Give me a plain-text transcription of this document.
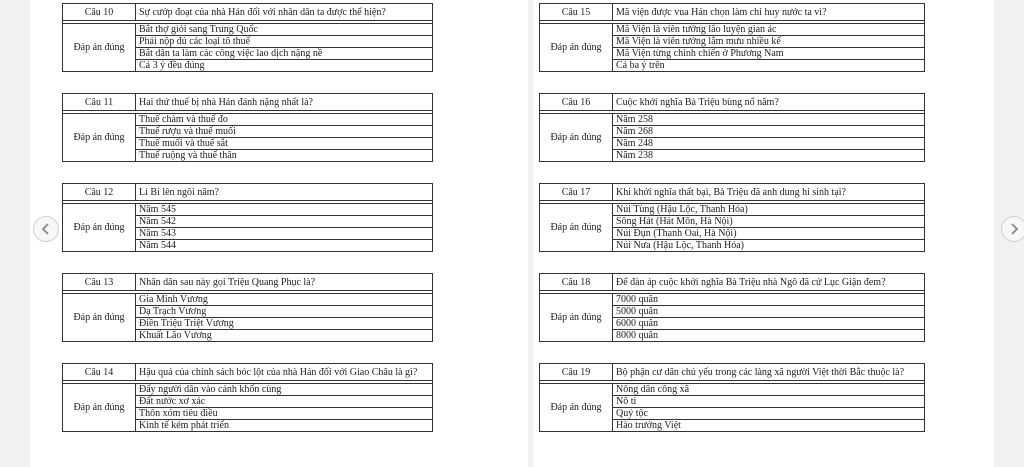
Câu 10	Sự cướp đoạt của nhà Hán đối với nhân dân ta được thể hiện?

Đáp án đúng	Bắt thợ giỏi sang Trung Quốc
	Phải nộp đủ các loại tô thuế
	Bắt dân ta làm các công việc lao dịch nặng nề
	Cả 3 ý đều đúng
Câu 11	Hai thứ thuế bị nhà Hán đánh nặng nhất là?

Đáp án đúng	Thuế chàm và thuế đo
	Thuế rượu và thuế muối
	Thuế muối và thuế sắt
	Thuế ruộng và thuế thân
Câu 12	Lí Bí lên ngôi năm?

Đáp án đúng	Năm 545
	Năm 542
	Năm 543
	Năm 544
Câu 13	Nhân dân sau này gọi Triệu Quang Phục là?

Đáp án đúng	Gia Minh Vương
	Dạ Trạch Vương
	Điền Triệu Triệt Vương
	Khuất Lão Vương
Câu 14	Hậu quả của chính sách bóc lột của nhà Hán đối với Giao Châu là gì?

Đáp án đúng	Đẩy người dân vào cảnh khốn cùng
	Đất nước xơ xác
	Thôn xóm tiêu điều
	Kinh tế kém phát triển
Câu 15	Mã viện được vua Hán chọn làm chỉ huy nước ta vì?

Đáp án đúng	Mã Viện là viên tướng lão luyện gian ác
	Mã Viện là viên tướng lắm mưu nhiều kế
	Mã Viện từng chinh chiến ở Phương Nam
	Cả ba ý trên
Câu 16	Cuộc khởi nghĩa Bà Triệu bùng nổ năm?

Đáp án đúng	Năm 258
	Năm 268
	Năm 248
	Năm 238
Câu 17	Khi khởi nghĩa thất bại, Bà Triệu đã anh dung hi sinh tại?

Đáp án đúng	Núi Tùng (Hậu Lộc, Thanh Hóa)
	Sông Hát (Hát Môn, Hà Nội)
	Núi Đụn (Thanh Oai, Hà Nội)
	Núi Nưa (Hậu Lộc, Thanh Hóa)
Câu 18	Để đàn áp cuộc khởi nghĩa Bà Triệu nhà Ngô đã cử Lục Giận đem?

Đáp án đúng	7000 quân
	5000 quân
	6000 quân
	8000 quân
Câu 19	Bộ phận cư dân chủ yếu trong các làng xã người Việt thời Bắc thuộc là?

Đáp án đúng	Nông dân công xã
	Nô tì
	Quý tộc
	Hào trưởng Việt
